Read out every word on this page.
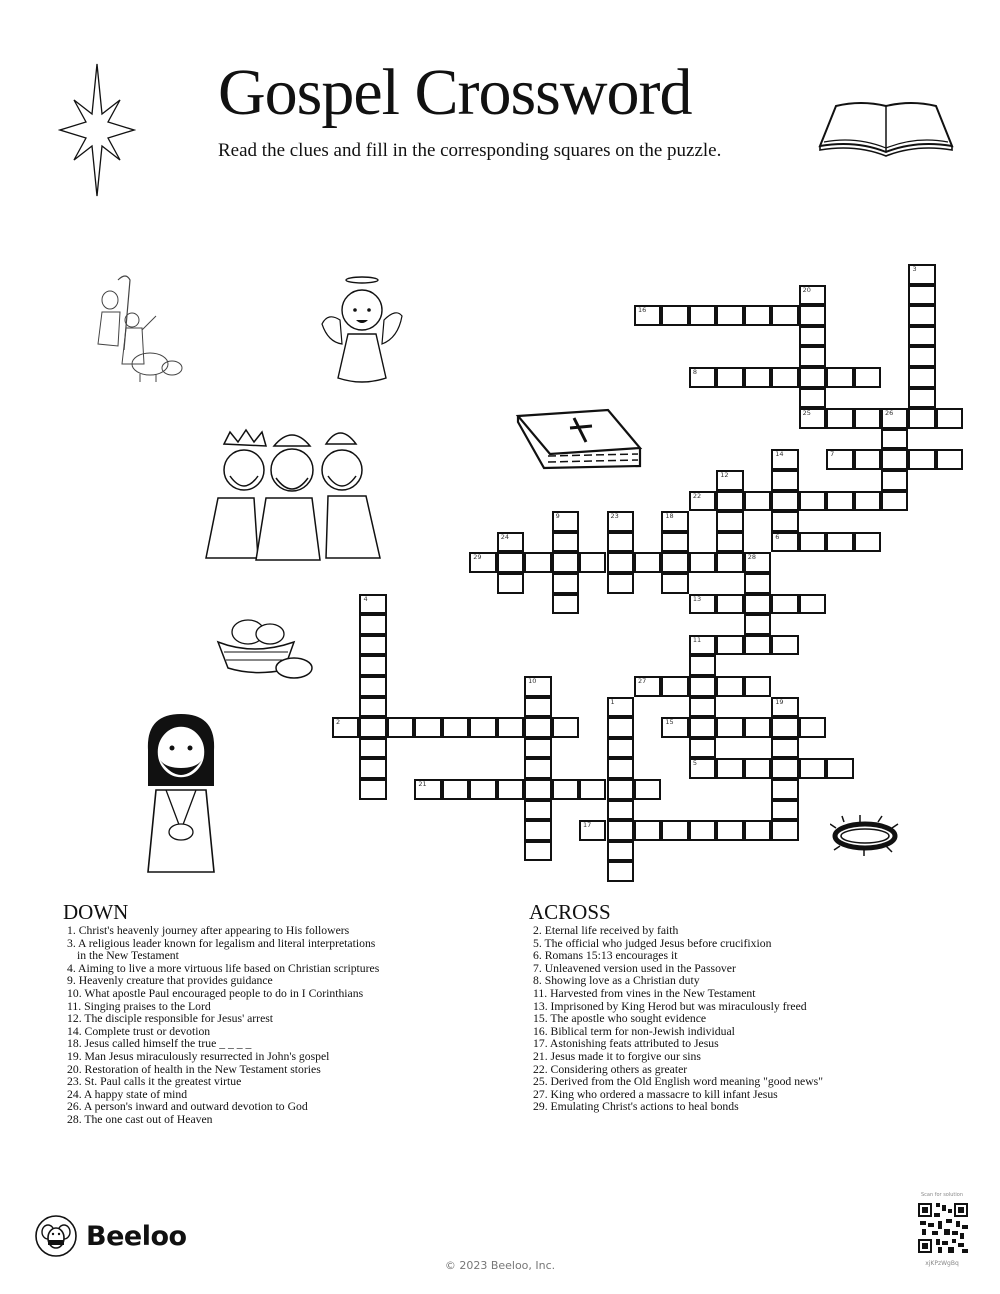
Gospel Crossword
Read the clues and fill in the corresponding squares on the puzzle.
1
2
3
4
5
6
7
8
9
10
11
12
13
14
15
16
17
18
19
20
25
21
22
23
24
26
27
28
29
DOWN
1. Christ's heavenly journey after appearing to His followers
3. A religious leader known for legalism and literal interpretations in the New Testament
4. Aiming to live a more virtuous life based on Christian scriptures
9. Heavenly creature that provides guidance
10. What apostle Paul encouraged people to do in I Corinthians
11. Singing praises to the Lord
12. The disciple responsible for Jesus' arrest
14. Complete trust or devotion
18. Jesus called himself the true _ _ _ _
19. Man Jesus miraculously resurrected in John's gospel
20. Restoration of health in the New Testament stories
23. St. Paul calls it the greatest virtue
24. A happy state of mind
26. A person's inward and outward devotion to God
28. The one cast out of Heaven
ACROSS
2. Eternal life received by faith
5. The official who judged Jesus before crucifixion
6. Romans 15:13 encourages it
7. Unleavened version used in the Passover
8. Showing love as a Christian duty
11. Harvested from vines in the New Testament
13. Imprisoned by King Herod but was miraculously freed
15. The apostle who sought evidence
16. Biblical term for non-Jewish individual
17. Astonishing feats attributed to Jesus
21. Jesus made it to forgive our sins
22. Considering others as greater
25. Derived from the Old English word meaning "good news"
27. King who ordered a massacre to kill infant Jesus
29. Emulating Christ's actions to heal bonds
Beeloo
© 2023 Beeloo, Inc.
Scan for solution
xjKPzWgBq
